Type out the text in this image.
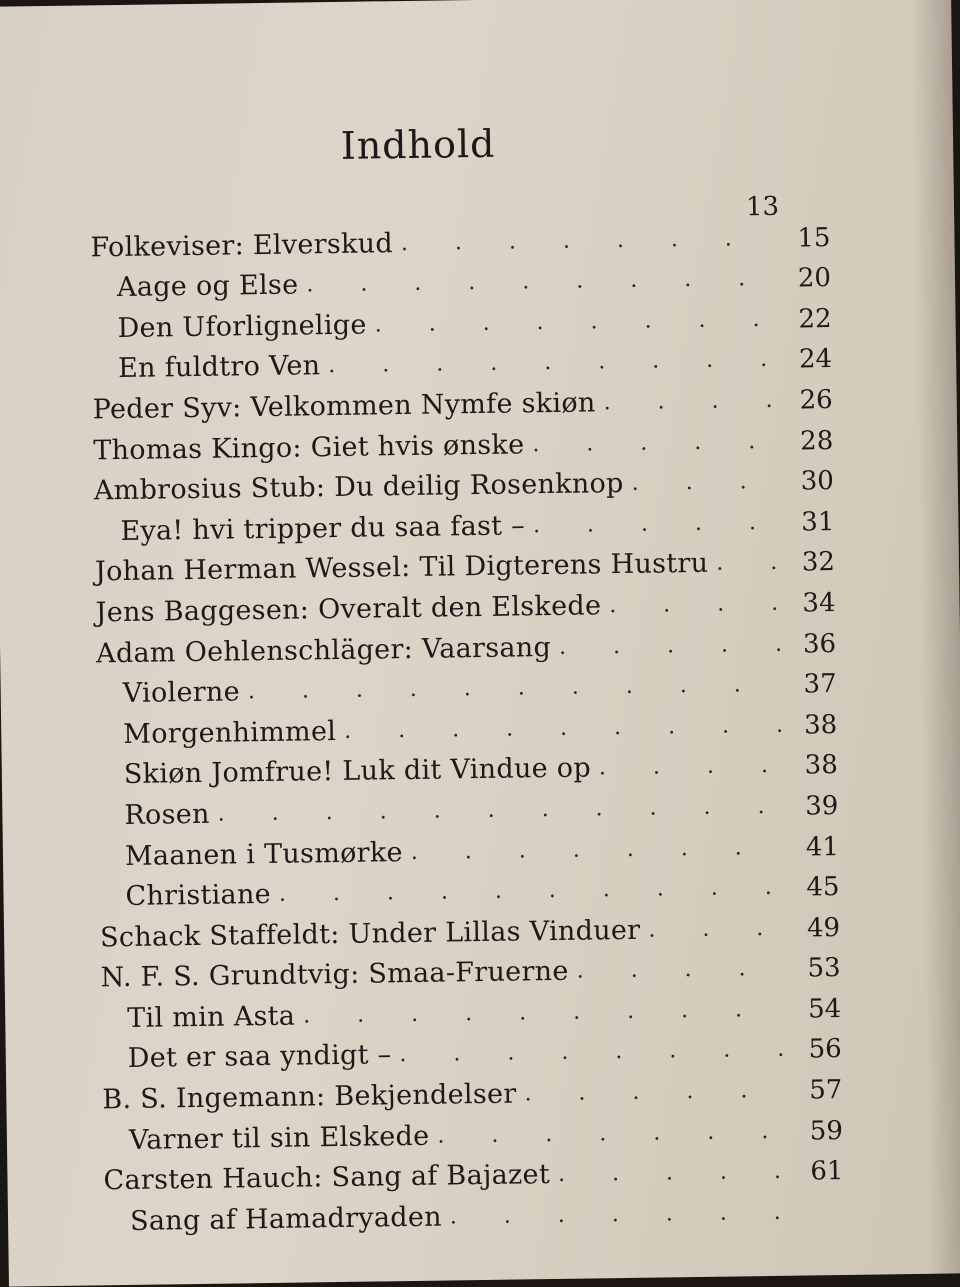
Indhold
13
Folkeviser: Elverskud . . .	15
Aage og Else . . .	20
Den Uforlignelige . . .	22
En fuldtro Ven . . .	24
Peder Syv: Velkommen Nymfe skiøn . . .	26
Thomas Kingo: Giet hvis ønske . . .	28
Ambrosius Stub: Du deilig Rosenknop . . .	30
Eya! hvi tripper du saa fast – . . .	31
Johan Herman Wessel: Til Digterens Hustru . . .	32
Jens Baggesen: Overalt den Elskede . . .	34
Adam Oehlenschläger: Vaarsang . . .	36
Violerne . . .	37
Morgenhimmel . . .	38
Skiøn Jomfrue! Luk dit Vindue op . . .	38
Rosen . . .	39
Maanen i Tusmørke . . .	41
Christiane . . .	45
Schack Staffeldt: Under Lillas Vinduer . . .	49
N. F. S. Grundtvig: Smaa-Fruerne . . .	53
Til min Asta . . .	54
Det er saa yndigt – . . .	56
B. S. Ingemann: Bekjendelser . . .	57
Varner til sin Elskede . . .	59
Carsten Hauch: Sang af Bajazet . . .	61
Sang af Hamadryaden
. . .
